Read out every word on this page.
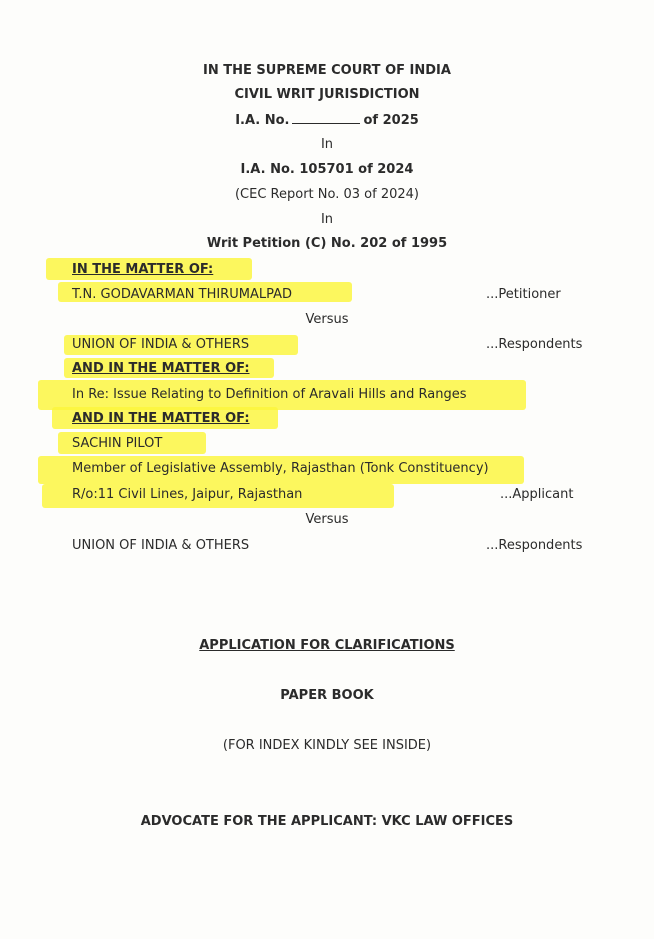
IN THE SUPREME COURT OF INDIA
CIVIL WRIT JURISDICTION
I.A. No.	of 2025
In
I.A. No. 105701 of 2024
(CEC Report No. 03 of 2024)
In
Writ Petition (C) No. 202 of 1995
IN THE MATTER OF:
T.N. GODAVARMAN THIRUMALPAD	...Petitioner
Versus
UNION OF INDIA & OTHERS	...Respondents
AND IN THE MATTER OF:
In Re: Issue Relating to Definition of Aravali Hills and Ranges
AND IN THE MATTER OF:
SACHIN PILOT
Member of Legislative Assembly, Rajasthan (Tonk Constituency)
R/o:11 Civil Lines, Jaipur, Rajasthan	...Applicant
Versus
UNION OF INDIA & OTHERS	...Respondents
APPLICATION FOR CLARIFICATIONS
PAPER BOOK
(FOR INDEX KINDLY SEE INSIDE)
ADVOCATE FOR THE APPLICANT: VKC LAW OFFICES
